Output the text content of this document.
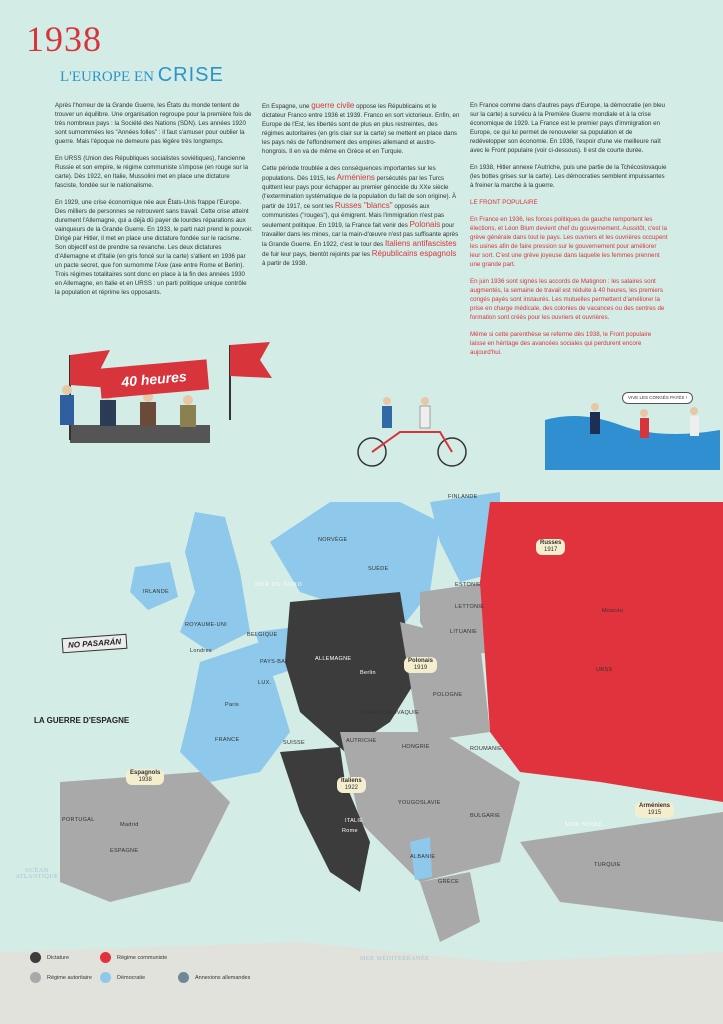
1938
L'EUROPE EN CRISE

Après l'horreur de la Grande Guerre, les États du monde tentent de trouver un équilibre. Une organisation regroupe pour la première fois de très nombreux pays : la Société des Nations (SDN). Les années 1920 sont surnommées les "Années folles" : il faut s'amuser pour oublier la guerre. Mais l'époque ne demeure pas légère très longtemps.

En URSS (Union des Républiques socialistes soviétiques), l'ancienne Russie et son empire, le régime communiste s'impose (en rouge sur la carte). Dès 1922, en Italie, Mussolini met en place une dictature fasciste, fondée sur le nationalisme.

En 1929, une crise économique née aux États-Unis frappe l'Europe. Des milliers de personnes se retrouvent sans travail. Cette crise atteint durement l'Allemagne, qui a déjà dû payer de lourdes réparations aux vainqueurs de la Grande Guerre. En 1933, le parti nazi prend le pouvoir. Dirigé par Hitler, il met en place une dictature fondée sur le racisme. Son objectif est de prendre sa revanche. Les deux dictatures d'Allemagne et d'Italie (en gris foncé sur la carte) s'allient en 1936 par un pacte secret, que l'on surnomme l'Axe (axe entre Rome et Berlin). Trois régimes totalitaires sont donc en place à la fin des années 1930 en Allemagne, en Italie et en URSS : un parti politique unique contrôle la population et réprime les opposants.

En Espagne, une guerre civile oppose les Républicains et le dictateur Franco entre 1936 et 1939. Franco en sort victorieux. Enfin, en Europe de l'Est, les libertés sont de plus en plus restreintes, des régimes autoritaires (en gris clair sur la carte) se mettent en place dans les pays nés de l'effondrement des empires allemand et austro-hongrois. Il en va de même en Grèce et en Turquie.

Cette période troublée a des conséquences importantes sur les populations. Dès 1915, les Arméniens persécutés par les Turcs quittent leur pays pour échapper au premier génocide du XXe siècle (l'extermination systématique de la population du fait de son origine). À partir de 1917, ce sont les Russes "blancs" opposés aux communistes ("rouges"), qui émigrent. Mais l'immigration n'est pas seulement politique. En 1919, la France fait venir des Polonais pour travailler dans les mines, car la main-d'œuvre n'est pas suffisante après la Grande Guerre. En 1922, c'est le tour des Italiens antifascistes de fuir leur pays, bientôt rejoints par les Républicains espagnols à partir de 1938.

En France comme dans d'autres pays d'Europe, la démocratie (en bleu sur la carte) a survécu à la Première Guerre mondiale et à la crise économique de 1929. La France est le premier pays d'immigration en Europe, ce qui lui permet de renouveler sa population et de redévelopper son économie. En 1936, l'espoir d'une vie meilleure naît avec le Front populaire (voir ci-dessous). Il est de courte durée.

En 1938, Hitler annexe l'Autriche, puis une partie de la Tchécoslovaquie (les bottes grises sur la carte). Les démocraties semblent impuissantes à freiner la marche à la guerre.

LE FRONT POPULAIRE

En France en 1936, les forces politiques de gauche remportent les élections, et Léon Blum devient chef du gouvernement. Aussitôt, c'est la grève générale dans tout le pays. Les ouvriers et les ouvrières occupent les usines afin de faire pression sur le gouvernement pour améliorer leur sort. C'est une grève joyeuse dans laquelle les femmes prennent une grande part.

En juin 1936 sont signés les accords de Matignon : les salaires sont augmentés, la semaine de travail est réduite à 40 heures, les premiers congés payés sont instaurés. Les mutuelles permettent d'améliorer la prise en charge médicale, des colonies de vacances ou des centres de formation sont créés pour les ouvriers et ouvrières.

Même si cette parenthèse se referme dès 1938, le Front populaire laisse en héritage des avancées sociales qui perdurent encore aujourd'hui.

40 heures
VIVE LES CONGÉS PAYÉS !
FINLANDE
NORVÈGE
SUÈDE
ESTONIE
LETTONIE
LITUANIE
IRLANDE
ROYAUME-UNI
BELGIQUE
PAYS-BAS
LUX.
ALLEMAGNE
POLOGNE
URSS
FRANCE	SUISSE
TCHÉCOSLOVAQUIE
AUTRICHE
HONGRIE	ROUMANIE
PORTUGAL
ESPAGNE
ITALIE
YOUGOSLAVIE
BULGARIE
ALBANIE
GRÈCE
TURQUIE
Londres
Paris
Berlin
Madrid
Rome
Moscou
MER DU NORD
MER NOIRE
MER MÉDITERRANÉE
OCÉAN ATLANTIQUE
Russes
1917
Polonais
1919
Espagnols
1938	Italiens
1922
Arméniens
1915
NO PASARÁN
LA GUERRE D'ESPAGNE
Dictature	Régime communiste
Régime autoritaire	Démocratie	Annexions allemandes
